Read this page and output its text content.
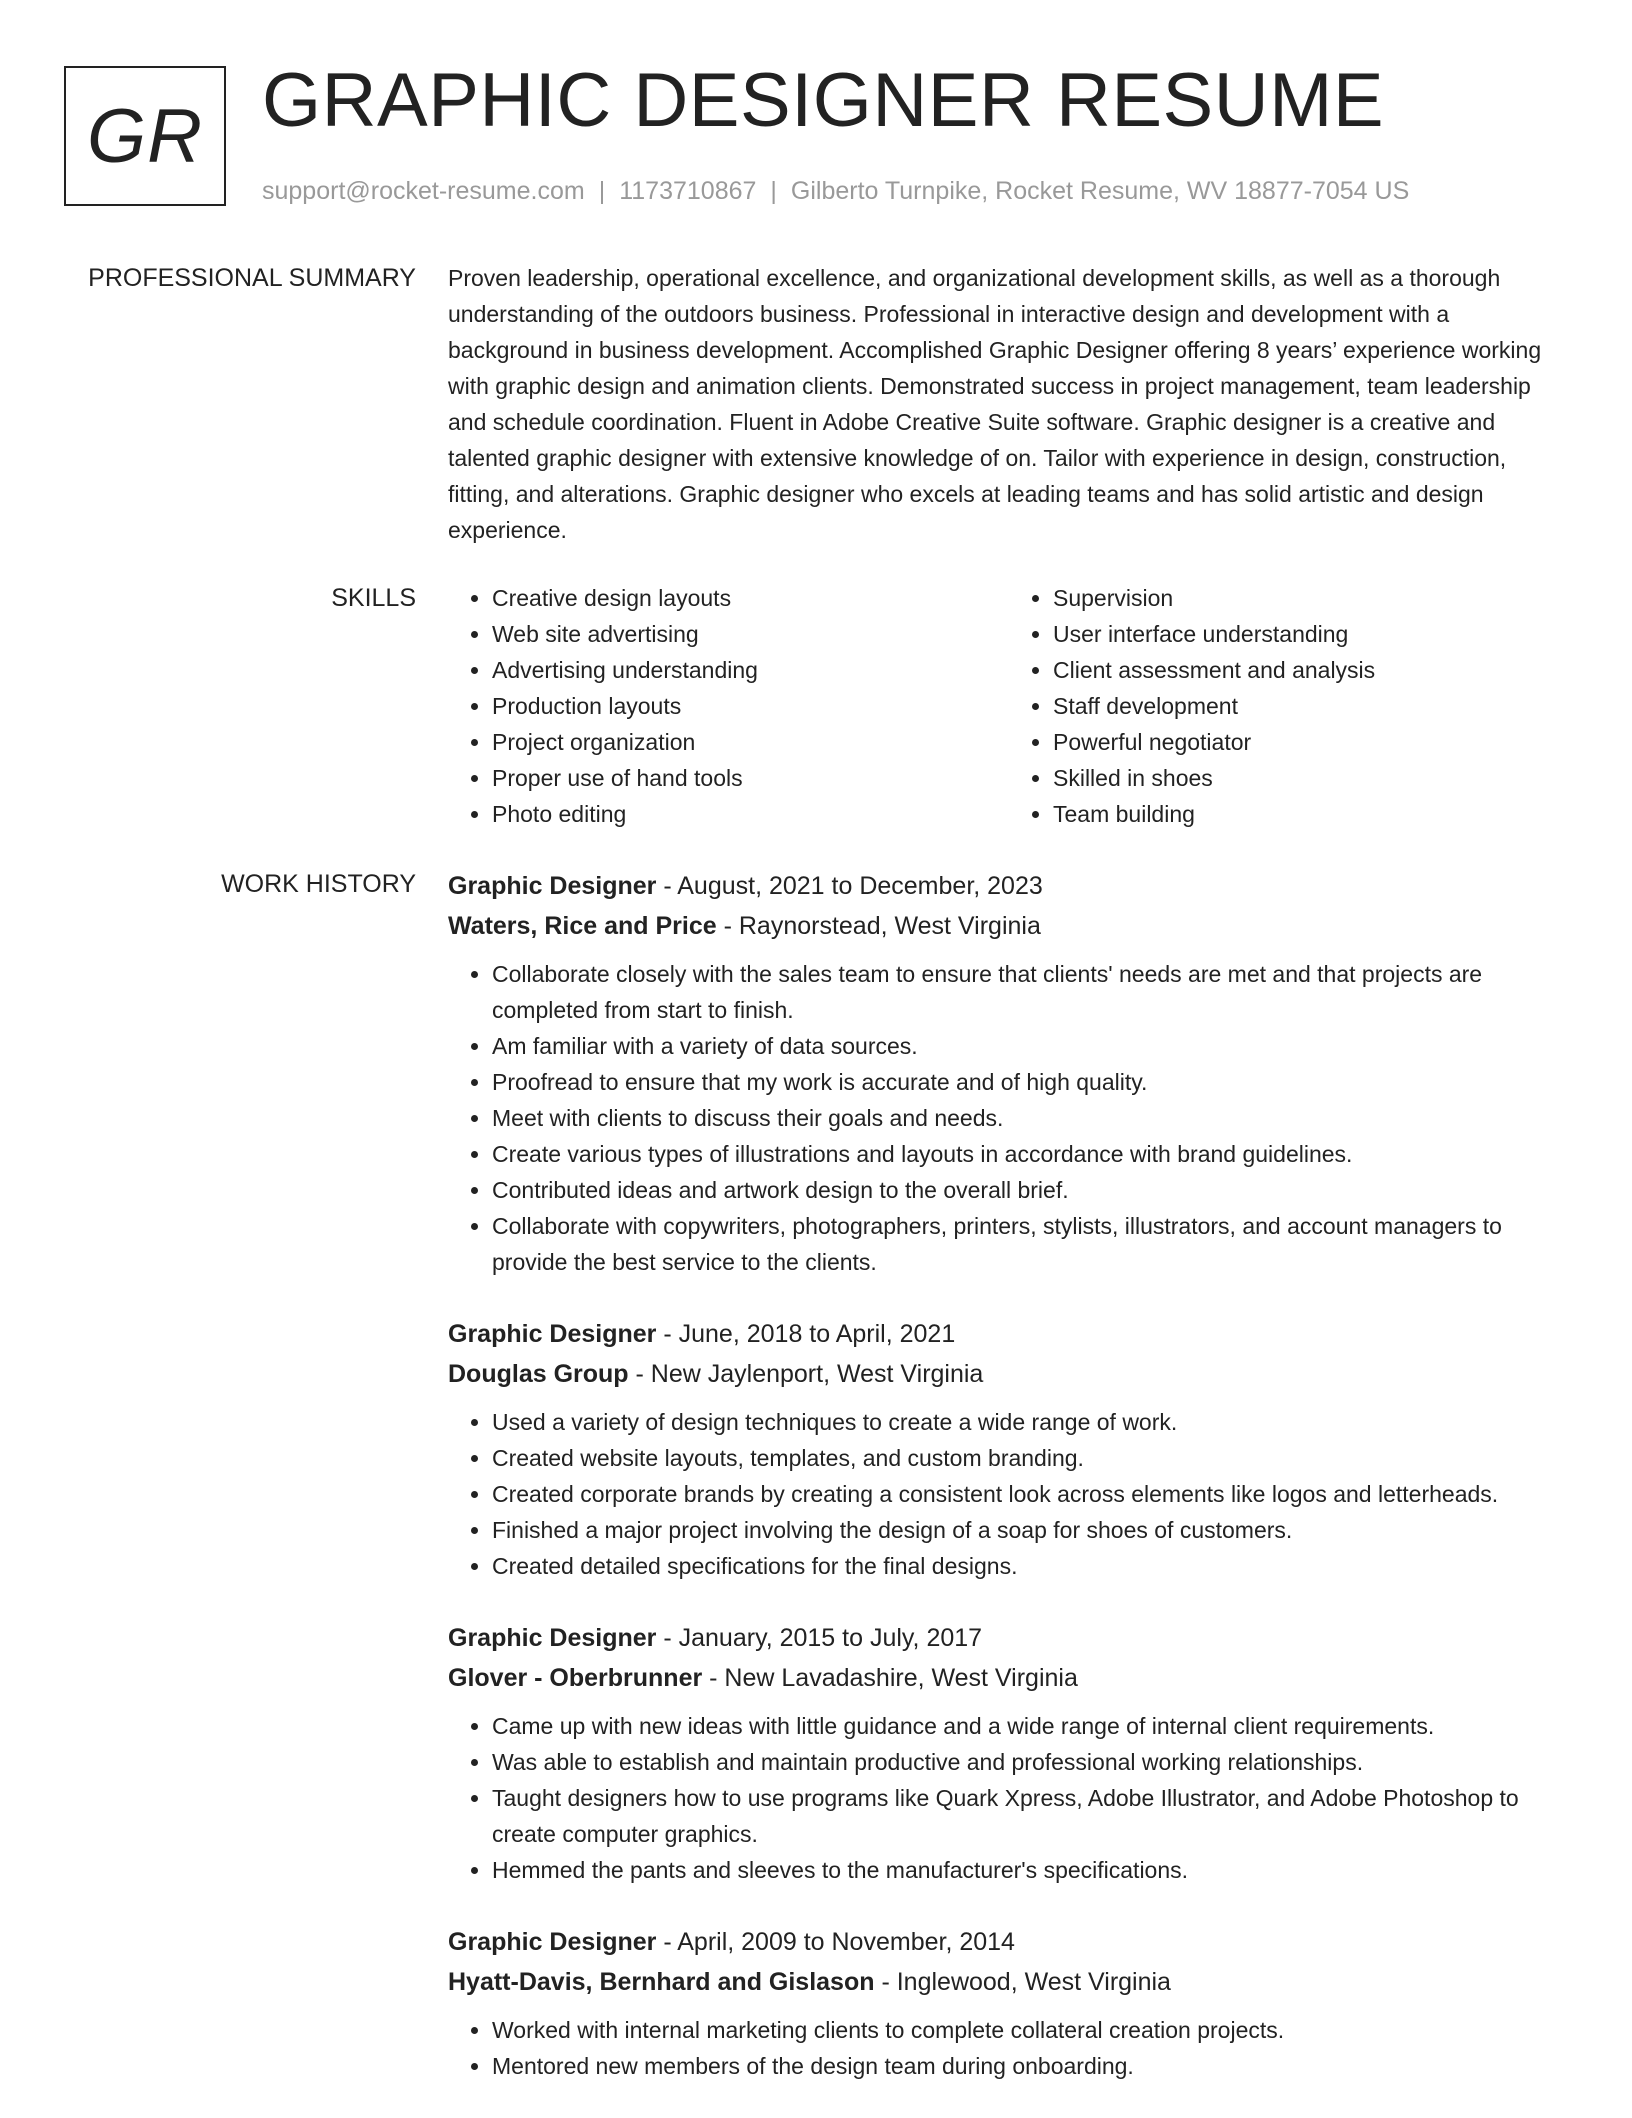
GR GRAPHIC DESIGNER RESUME
support@rocket-resume.com | 1173710867 | Gilberto Turnpike, Rocket Resume, WV 18877-7054 US
PROFESSIONAL SUMMARY Proven leadership, operational excellence, and organizational development skills, as well as a thorough understanding of the outdoors business. Professional in interactive design and development with a background in business development. Accomplished Graphic Designer offering 8 years’ experience working with graphic design and animation clients. Demonstrated success in project management, team leadership and schedule coordination. Fluent in Adobe Creative Suite software. Graphic designer is a creative and talented graphic designer with extensive knowledge of on. Tailor with experience in design, construction, fitting, and alterations. Graphic designer who excels at leading teams and has solid artistic and design experience.

SKILLS
•	Creative design layouts
• Web site advertising
• Advertising understanding
• Production layouts
• Project organization
• Proper use of hand tools
• Photo editing
• Supervision
• User interface understanding
• Client assessment and analysis
• Staff development
• Powerful negotiator
• Skilled in shoes
• Team building
WORK HISTORY Graphic Designer - August, 2021 to December, 2023
Waters, Rice and Price - Raynorstead, West Virginia
• Collaborate closely with the sales team to ensure that clients' needs are met and that projects are completed from start to finish.
• Am familiar with a variety of data sources.
• Proofread to ensure that my work is accurate and of high quality.
• Meet with clients to discuss their goals and needs.
• Create various types of illustrations and layouts in accordance with brand guidelines.
• Contributed ideas and artwork design to the overall brief.
• Collaborate with copywriters, photographers, printers, stylists, illustrators, and account managers to provide the best service to the clients.
Graphic Designer - June, 2018 to April, 2021
Douglas Group - New Jaylenport, West Virginia
• Used a variety of design techniques to create a wide range of work.
• Created website layouts, templates, and custom branding.
• Created corporate brands by creating a consistent look across elements like logos and letterheads.
• Finished a major project involving the design of a soap for shoes of customers.
• Created detailed specifications for the final designs.
Graphic Designer - January, 2015 to July, 2017
Glover - Oberbrunner - New Lavadashire, West Virginia
• Came up with new ideas with little guidance and a wide range of internal client requirements.
• Was able to establish and maintain productive and professional working relationships.
• Taught designers how to use programs like Quark Xpress, Adobe Illustrator, and Adobe Photoshop to create computer graphics.
• Hemmed the pants and sleeves to the manufacturer's specifications.
Graphic Designer - April, 2009 to November, 2014
Hyatt-Davis, Bernhard and Gislason - Inglewood, West Virginia
• Worked with internal marketing clients to complete collateral creation projects.
• Mentored new members of the design team during onboarding.
